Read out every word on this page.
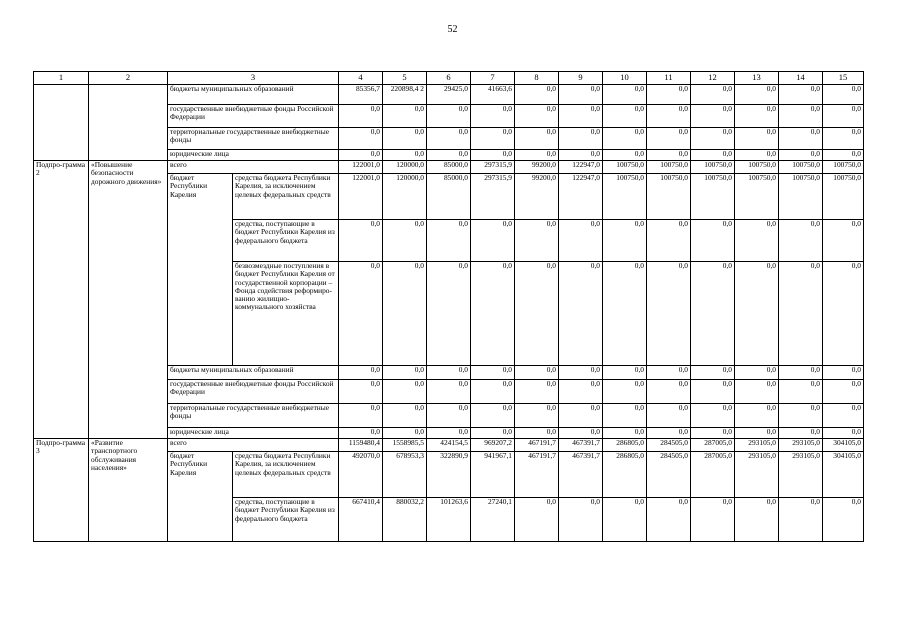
52
1	2	3		4	5	6	7	8	9	10	11	12	13	14	15
		бюджеты муниципальных образований		85356,7	220898,4 2	29425,0	41663,6	0,0	0,0	0,0	0,0	0,0	0,0	0,0	0,0
		государственные внебюджетные фонды Российской Федерации		0,0	0,0	0,0	0,0	0,0	0,0	0,0	0,0	0,0	0,0	0,0	0,0
		территориальные государственные внебюджетные фонды		0,0	0,0	0,0	0,0	0,0	0,0	0,0	0,0	0,0	0,0	0,0	0,0
		юридические лица		0,0	0,0	0,0	0,0	0,0	0,0	0,0	0,0	0,0	0,0	0,0	0,0
Подпро-грамма 2	«Повышение безопасности дорожного движения»	всего		122001,0	120000,0	85000,0	297315,9	99200,0	122947,0	100750,0	100750,0	100750,0	100750,0	100750,0	100750,0
		бюджет Республики Карелия	средства бюджета Республики Карелия, за исключением целевых федеральных средств	122001,0	120000,0	85000,0	297315,9	99200,0	122947,0	100750,0	100750,0	100750,0	100750,0	100750,0	100750,0
			средства, поступающие в бюджет Республики Карелия из федерального бюджета	0,0	0,0	0,0	0,0	0,0	0,0	0,0	0,0	0,0	0,0	0,0	0,0
			безвозмездные поступления в бюджет Республики Карелия от государственной корпорации – Фонда содействия реформиро-ванию жилищно-коммунального хозяйства	0,0	0,0	0,0	0,0	0,0	0,0	0,0	0,0	0,0	0,0	0,0	0,0
		бюджеты муниципальных образований		0,0	0,0	0,0	0,0	0,0	0,0	0,0	0,0	0,0	0,0	0,0	0,0
		государственные внебюджетные фонды Российской Федерации		0,0	0,0	0,0	0,0	0,0	0,0	0,0	0,0	0,0	0,0	0,0	0,0
		территориальные государственные внебюджетные фонды		0,0	0,0	0,0	0,0	0,0	0,0	0,0	0,0	0,0	0,0	0,0	0,0
		юридические лица		0,0	0,0	0,0	0,0	0,0	0,0	0,0	0,0	0,0	0,0	0,0	0,0
Подпро-грамма 3	«Развитие транспортного обслуживания населения»	всего		1159480,4	1558985,5	424154,5	969207,2	467191,7	467391,7	286805,0	284505,0	287005,0	293105,0	293105,0	304105,0
		бюджет Республики Карелия	средства бюджета Республики Карелия, за исключением целевых федеральных средств	492070,0	678953,3	322890,9	941967,1	467191,7	467391,7	286805,0	284505,0	287005,0	293105,0	293105,0	304105,0
			средства, поступающие в бюджет Республики Карелия из федерального бюджета	667410,4	880032,2	101263,6	27240,1	0,0	0,0	0,0	0,0	0,0	0,0	0,0	0,0
